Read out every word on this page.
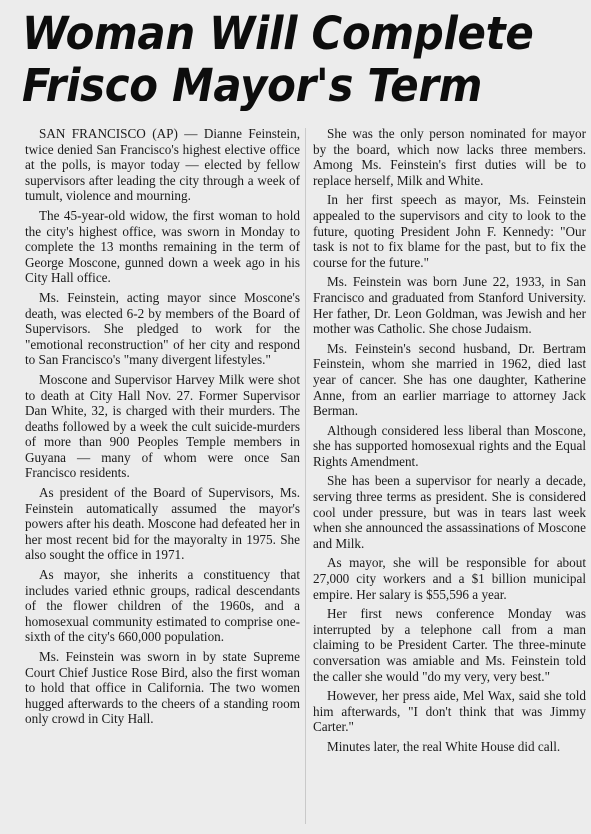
Woman Will Complete
Frisco Mayor's Term

SAN FRANCISCO (AP) — Dianne Feinstein, twice denied San Francisco's highest elective office at the polls, is mayor today — elected by fellow supervisors after leading the city through a week of tumult, violence and mourning.

The 45-year-old widow, the first woman to hold the city's highest office, was sworn in Monday to complete the 13 months remaining in the term of George Moscone, gunned down a week ago in his City Hall office.

Ms. Feinstein, acting mayor since Moscone's death, was elected 6-2 by members of the Board of Supervisors. She pledged to work for the "emotional reconstruction" of her city and respond to San Francisco's "many divergent lifestyles."

Moscone and Supervisor Harvey Milk were shot to death at City Hall Nov. 27. Former Supervisor Dan White, 32, is charged with their murders. The deaths followed by a week the cult suicide-murders of more than 900 Peoples Temple members in Guyana — many of whom were once San Francisco residents.

As president of the Board of Supervisors, Ms. Feinstein automatically assumed the mayor's powers after his death. Moscone had defeated her in her most recent bid for the mayoralty in 1975. She also sought the office in 1971.

As mayor, she inherits a constituency that includes varied ethnic groups, radical descendants of the flower children of the 1960s, and a homosexual community estimated to comprise one-sixth of the city's 660,000 population.

Ms. Feinstein was sworn in by state Supreme Court Chief Justice Rose Bird, also the first woman to hold that office in California. The two women hugged afterwards to the cheers of a standing room only crowd in City Hall.

She was the only person nominated for mayor by the board, which now lacks three members. Among Ms. Feinstein's first duties will be to replace herself, Milk and White.

In her first speech as mayor, Ms. Feinstein appealed to the supervisors and city to look to the future, quoting President John F. Kennedy: "Our task is not to fix blame for the past, but to fix the course for the future."

Ms. Feinstein was born June 22, 1933, in San Francisco and graduated from Stanford University. Her father, Dr. Leon Goldman, was Jewish and her mother was Catholic. She chose Judaism.

Ms. Feinstein's second husband, Dr. Bertram Feinstein, whom she married in 1962, died last year of cancer. She has one daughter, Katherine Anne, from an earlier marriage to attorney Jack Berman.

Although considered less liberal than Moscone, she has supported homosexual rights and the Equal Rights Amendment.

She has been a supervisor for nearly a decade, serving three terms as president. She is considered cool under pressure, but was in tears last week when she announced the assassinations of Moscone and Milk.

As mayor, she will be responsible for about 27,000 city workers and a $1 billion municipal empire. Her salary is $55,596 a year.

Her first news conference Monday was interrupted by a telephone call from a man claiming to be President Carter. The three-minute conversation was amiable and Ms. Feinstein told the caller she would "do my very, very best."

However, her press aide, Mel Wax, said she told him afterwards, "I don't think that was Jimmy Carter."

Minutes later, the real White House did call.
